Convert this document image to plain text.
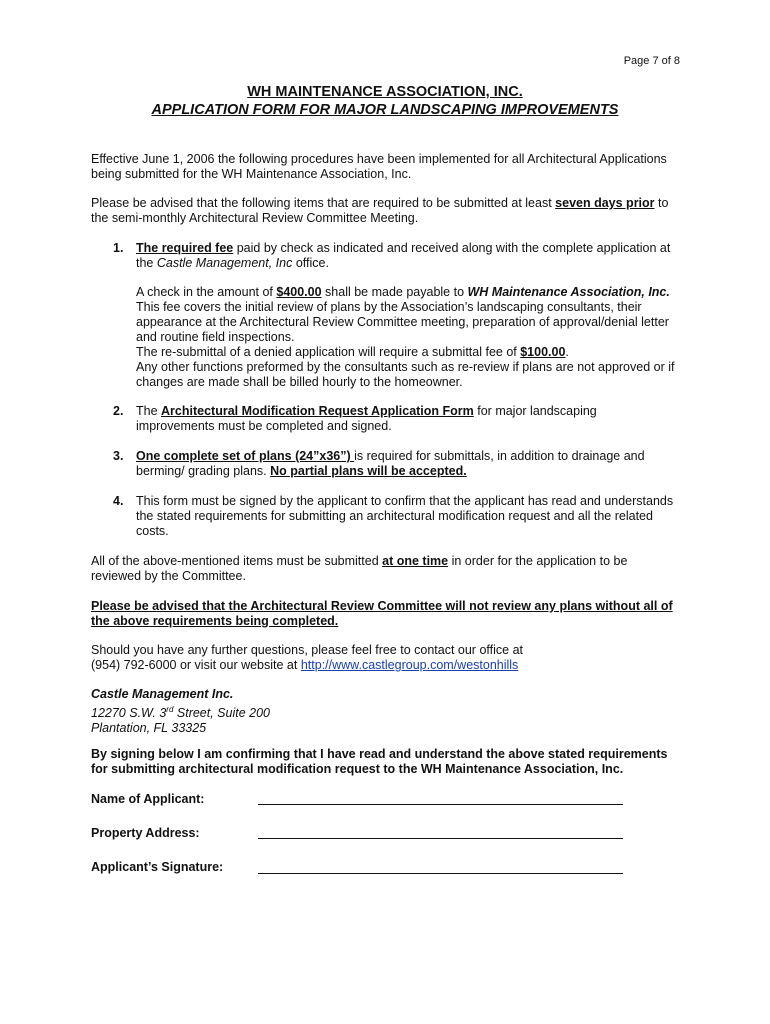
Page 7 of 8
WH MAINTENANCE ASSOCIATION, INC.
APPLICATION FORM FOR MAJOR LANDSCAPING IMPROVEMENTS
Effective June 1, 2006 the following procedures have been implemented for all Architectural Applications
being submitted for the WH Maintenance Association, Inc.
Please be advised that the following items that are required to be submitted at least seven days prior to
the semi-monthly Architectural Review Committee Meeting.
1. The required fee paid by check as indicated and received along with the complete application at
the Castle Management, Inc office.
A check in the amount of $400.00 shall be made payable to WH Maintenance Association, Inc.
This fee covers the initial review of plans by the Association’s landscaping consultants, their
appearance at the Architectural Review Committee meeting, preparation of approval/denial letter
and routine field inspections.
The re-submittal of a denied application will require a submittal fee of $100.00.
Any other functions preformed by the consultants such as re-review if plans are not approved or if
changes are made shall be billed hourly to the homeowner.
2. The Architectural Modification Request Application Form for major landscaping
improvements must be completed and signed.
3. One complete set of plans (24”x36”) is required for submittals, in addition to drainage and
berming/ grading plans. No partial plans will be accepted.
4. This form must be signed by the applicant to confirm that the applicant has read and understands
the stated requirements for submitting an architectural modification request and all the related
costs.
All of the above-mentioned items must be submitted at one time in order for the application to be
reviewed by the Committee.
Please be advised that the Architectural Review Committee will not review any plans without all of
the above requirements being completed.
Should you have any further questions, please feel free to contact our office at
(954) 792-6000 or visit our website at http://www.castlegroup.com/westonhills
Castle Management Inc.
12270 S.W. 3rd Street, Suite 200
Plantation, FL 33325
By signing below I am confirming that I have read and understand the above stated requirements
for submitting architectural modification request to the WH Maintenance Association, Inc.
Name of Applicant:
Property Address:
Applicant’s Signature:
